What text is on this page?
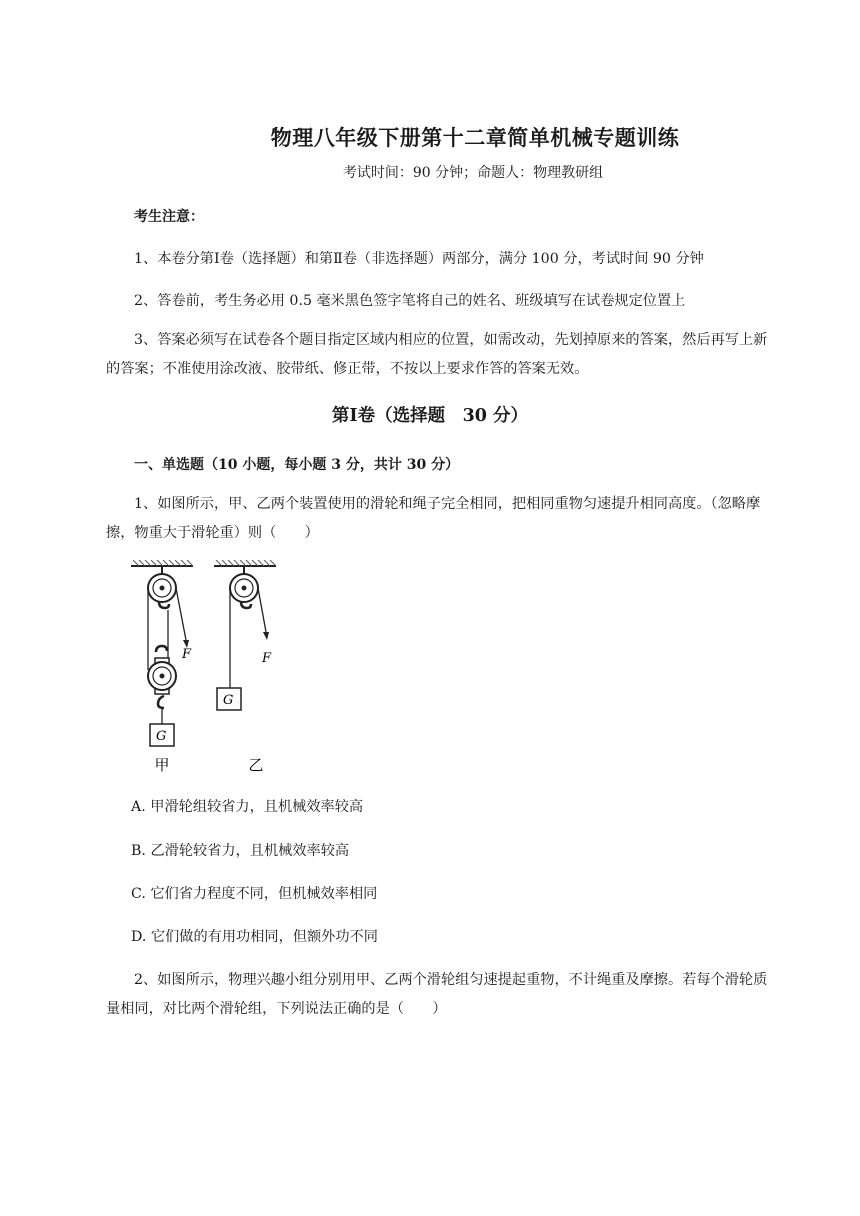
物理八年级下册第十二章简单机械专题训练
考试时间：90 分钟；命题人：物理教研组
考生注意：
1、本卷分第Ⅰ卷（选择题）和第Ⅱ卷（非选择题）两部分，满分 100 分，考试时间 90 分钟
2、答卷前，考生务必用 0.5 毫米黑色签字笔将自己的姓名、班级填写在试卷规定位置上
3、答案必须写在试卷各个题目指定区域内相应的位置，如需改动，先划掉原来的答案，然后再写上新的答案；不准使用涂改液、胶带纸、修正带，不按以上要求作答的答案无效。
第Ⅰ卷（选择题　30 分）
一、单选题（10 小题，每小题 3 分，共计 30 分）
1、如图所示，甲、乙两个装置使用的滑轮和绳子完全相同，把相同重物匀速提升相同高度。（忽略摩擦，物重大于滑轮重）则（　　）
F
G
甲
F
G
乙
A. 甲滑轮组较省力，且机械效率较高
B. 乙滑轮较省力，且机械效率较高
C. 它们省力程度不同，但机械效率相同
D. 它们做的有用功相同，但额外功不同
2、如图所示，物理兴趣小组分别用甲、乙两个滑轮组匀速提起重物，不计绳重及摩擦。若每个滑轮质量相同，对比两个滑轮组，下列说法正确的是（　　）
